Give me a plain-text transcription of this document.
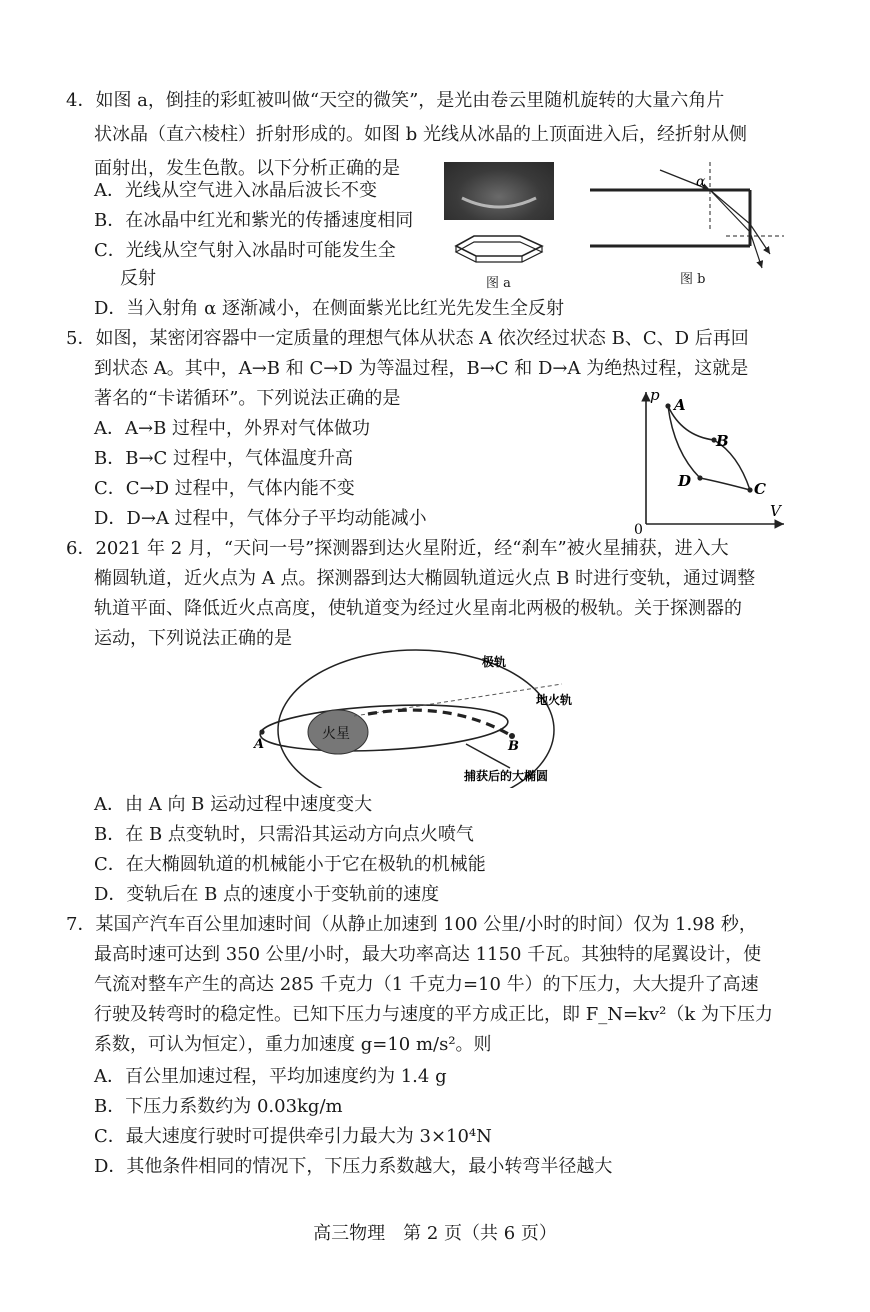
4．如图 a，倒挂的彩虹被叫做“天空的微笑”，是光由卷云里随机旋转的大量六角片
状冰晶（直六棱柱）折射形成的。如图 b 光线从冰晶的上顶面进入后，经折射从侧
面射出，发生色散。以下分析正确的是
A．光线从空气进入冰晶后波长不变
B．在冰晶中红光和紫光的传播速度相同
C．光线从空气射入冰晶时可能发生全
反射
D．当入射角 α 逐渐减小，在侧面紫光比红光先发生全反射
图 a
α
图 b
5．如图，某密闭容器中一定质量的理想气体从状态 A 依次经过状态 B、C、D 后再回
到状态 A。其中，A→B 和 C→D 为等温过程，B→C 和 D→A 为绝热过程，这就是
著名的“卡诺循环”。下列说法正确的是
A．A→B 过程中，外界对气体做功
B．B→C 过程中，气体温度升高
C．C→D 过程中，气体内能不变
D．D→A 过程中，气体分子平均动能减小
p
V
0
A
B
C
D
6．2021 年 2 月，“天问一号”探测器到达火星附近，经“刹车”被火星捕获，进入大
椭圆轨道，近火点为 A 点。探测器到达大椭圆轨道远火点 B 时进行变轨，通过调整
轨道平面、降低近火点高度，使轨道变为经过火星南北两极的极轨。关于探测器的
运动，下列说法正确的是
火星
极轨
地火轨
A	B
捕获后的大椭圆
A．由 A 向 B 运动过程中速度变大
B．在 B 点变轨时，只需沿其运动方向点火喷气
C．在大椭圆轨道的机械能小于它在极轨的机械能
D．变轨后在 B 点的速度小于变轨前的速度
7．某国产汽车百公里加速时间（从静止加速到 100 公里/小时的时间）仅为 1.98 秒，
最高时速可达到 350 公里/小时，最大功率高达 1150 千瓦。其独特的尾翼设计，使
气流对整车产生的高达 285 千克力（1 千克力=10 牛）的下压力，大大提升了高速
行驶及转弯时的稳定性。已知下压力与速度的平方成正比，即 F_N=kv²（k 为下压力
系数，可认为恒定），重力加速度 g=10 m/s²。则
A．百公里加速过程，平均加速度约为 1.4 g
B．下压力系数约为 0.03kg/m
C．最大速度行驶时可提供牵引力最大为 3×10⁴N
D．其他条件相同的情况下，下压力系数越大，最小转弯半径越大
高三物理　第 2 页（共 6 页）
